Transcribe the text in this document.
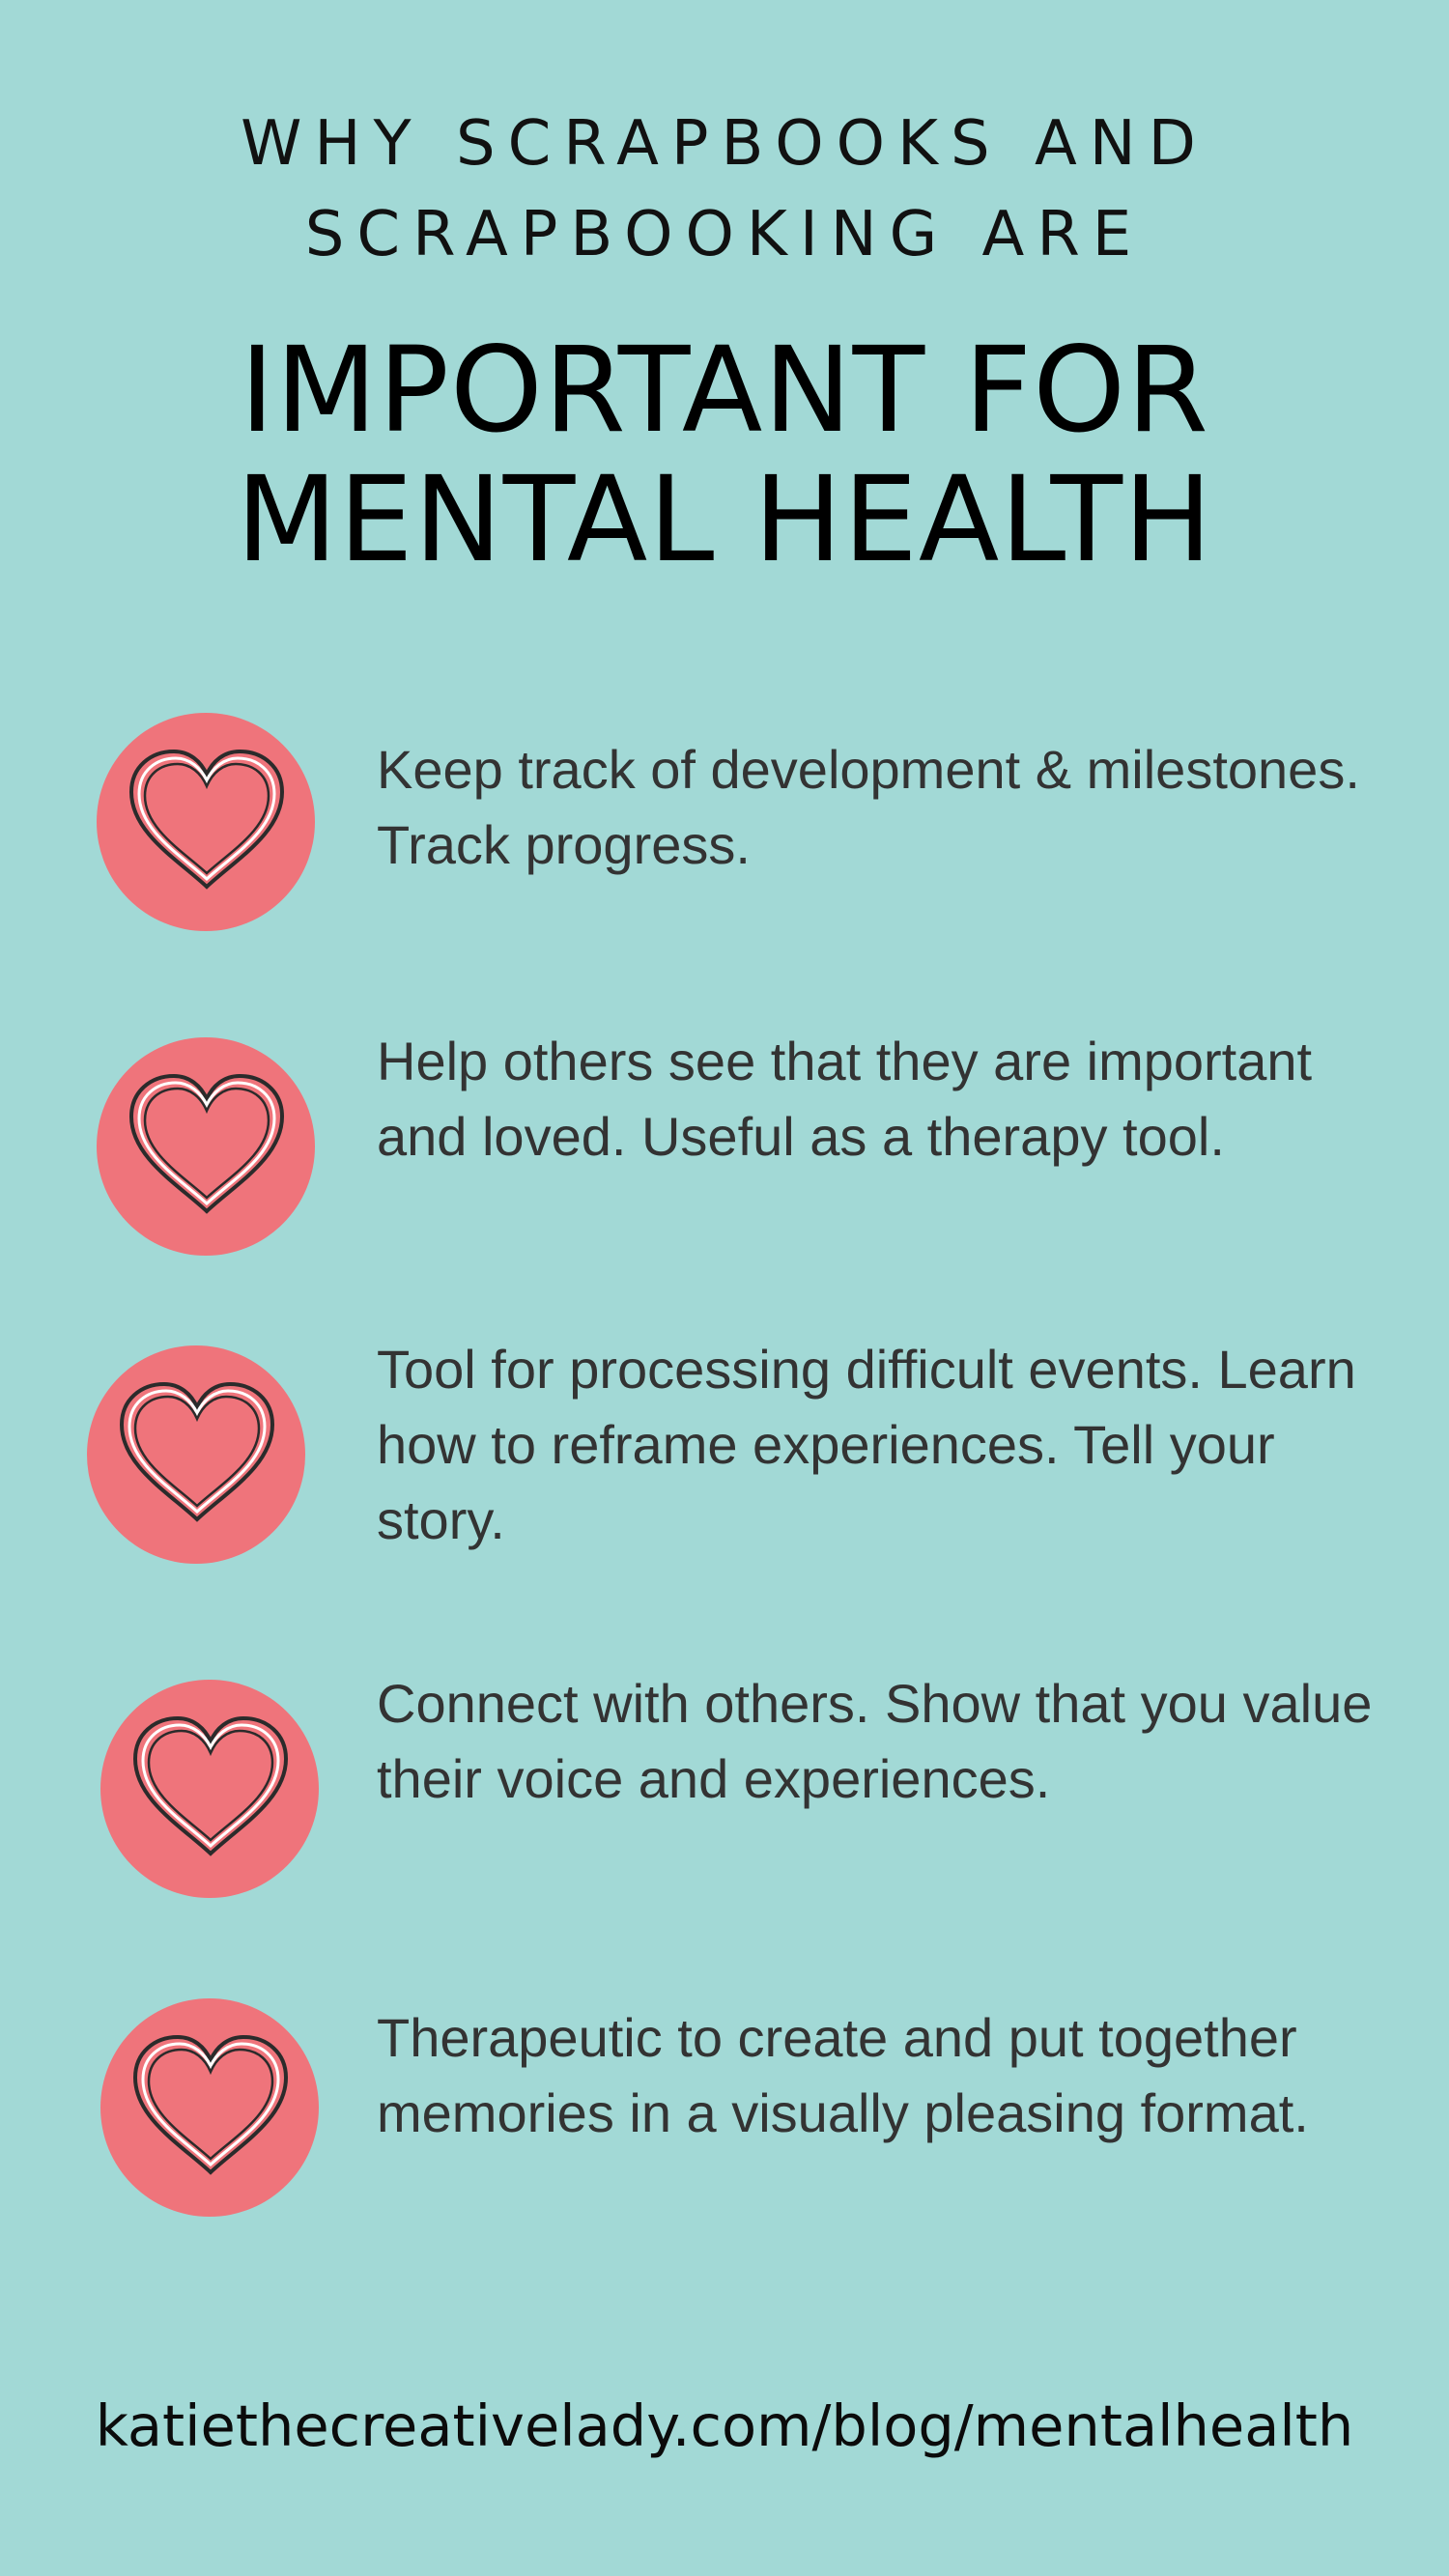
WHY SCRAPBOOKS AND
SCRAPBOOKING ARE
IMPORTANT FOR
MENTAL HEALTH

Keep track of development & milestones. Track progress.

Help others see that they are important and loved. Useful as a therapy tool.

Tool for processing difficult events. Learn how to reframe experiences. Tell your story.

Connect with others. Show that you value their voice and experiences.

Therapeutic to create and put together memories in a visually pleasing format.

katiethecreativelady.com/blog/mentalhealth
